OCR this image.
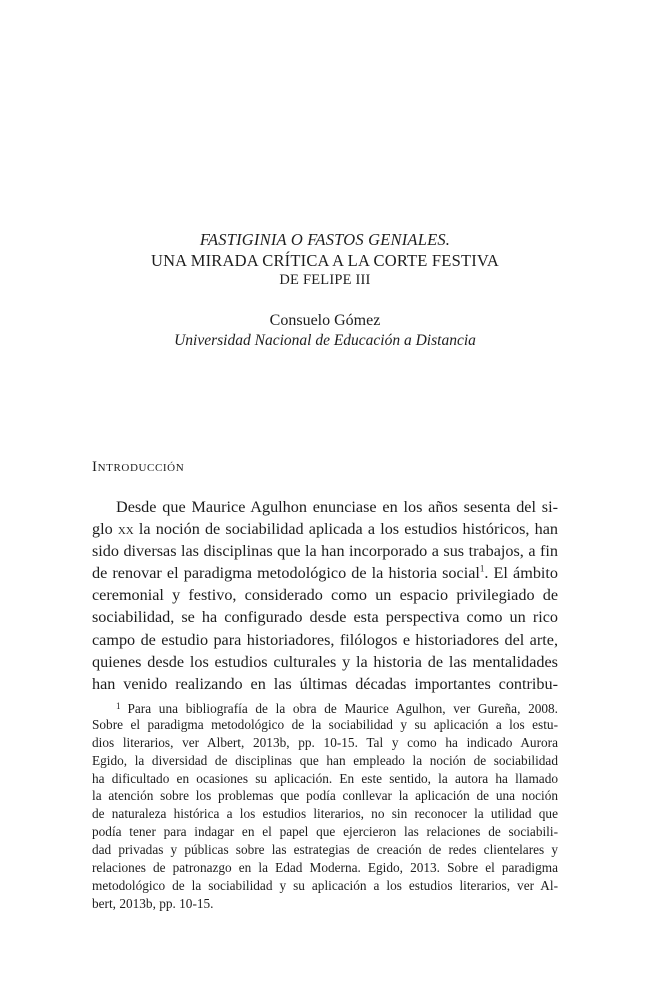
FASTIGINIA O FASTOS GENIALES.
UNA MIRADA CRÍTICA A LA CORTE FESTIVA
DE FELIPE III
Consuelo Gómez
Universidad Nacional de Educación a Distancia
Introducción
Desde que Maurice Agulhon enunciase en los años sesenta del si-
glo xx la noción de sociabilidad aplicada a los estudios históricos, han
sido diversas las disciplinas que la han incorporado a sus trabajos, a fin
de renovar el paradigma metodológico de la historia social$^1$. El ámbito
ceremonial y festivo, considerado como un espacio privilegiado de
sociabilidad, se ha configurado desde esta perspectiva como un rico
campo de estudio para historiadores, filólogos e historiadores del arte,
quienes desde los estudios culturales y la historia de las mentalidades
han venido realizando en las últimas décadas importantes contribu-
$^1$ Para una bibliografía de la obra de Maurice Agulhon, ver Gureña, 2008.
Sobre el paradigma metodológico de la sociabilidad y su aplicación a los estu-
dios literarios, ver Albert, 2013b, pp. 10-15. Tal y como ha indicado Aurora
Egido, la diversidad de disciplinas que han empleado la noción de sociabilidad
ha dificultado en ocasiones su aplicación. En este sentido, la autora ha llamado
la atención sobre los problemas que podía conllevar la aplicación de una noción
de naturaleza histórica a los estudios literarios, no sin reconocer la utilidad que
podía tener para indagar en el papel que ejercieron las relaciones de sociabili-
dad privadas y públicas sobre las estrategias de creación de redes clientelares y
relaciones de patronazgo en la Edad Moderna. Egido, 2013. Sobre el paradigma
metodológico de la sociabilidad y su aplicación a los estudios literarios, ver Al-
bert, 2013b, pp. 10-15.
